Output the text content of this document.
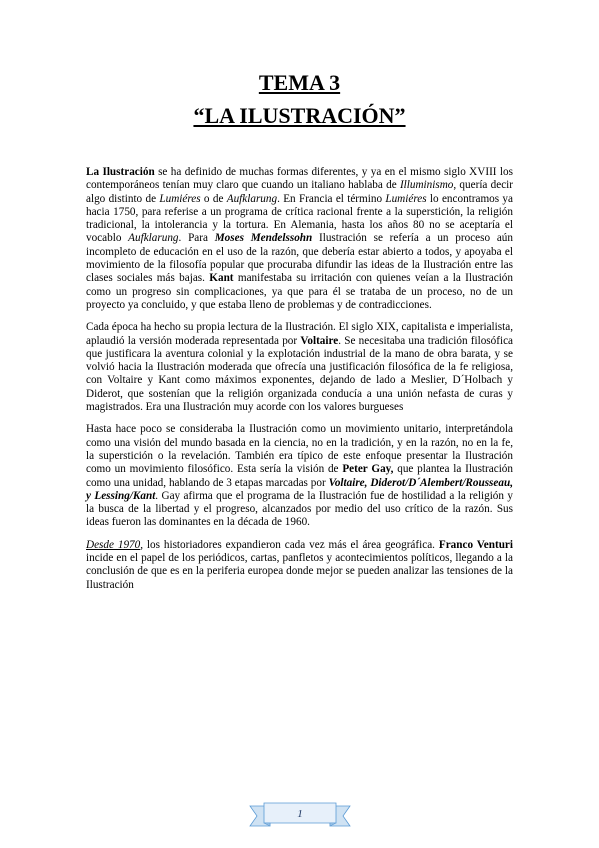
TEMA 3
“LA ILUSTRACIÓN”

La Ilustración se ha definido de muchas formas diferentes, y ya en el mismo siglo XVIII los contemporáneos tenían muy claro que cuando un italiano hablaba de Illuminismo, quería decir algo distinto de Lumiéres o de Aufklarung. En Francia el término Lumiéres lo encontramos ya hacia 1750, para referise a un programa de crítica racional frente a la superstición, la religión tradicional, la intolerancia y la tortura. En Alemania, hasta los años 80 no se aceptaría el vocablo Aufklarung. Para Moses Mendelssohn Ilustración se refería a un proceso aún incompleto de educación en el uso de la razón, que debería estar abierto a todos, y apoyaba el movimiento de la filosofía popular que procuraba difundir las ideas de la Ilustración entre las clases sociales más bajas. Kant manifestaba su irritación con quienes veían a la Ilustración como un progreso sin complicaciones, ya que para él se trataba de un proceso, no de un proyecto ya concluido, y que estaba lleno de problemas y de contradicciones.

Cada época ha hecho su propia lectura de la Ilustración. El siglo XIX, capitalista e imperialista, aplaudió la versión moderada representada por Voltaire. Se necesitaba una tradición filosófica que justificara la aventura colonial y la explotación industrial de la mano de obra barata, y se volvió hacia la Ilustración moderada que ofrecía una justificación filosófica de la fe religiosa, con Voltaire y Kant como máximos exponentes, dejando de lado a Meslier, D´Holbach y Diderot, que sostenían que la religión organizada conducía a una unión nefasta de curas y magistrados. Era una Ilustración muy acorde con los valores burgueses

Hasta hace poco se consideraba la Ilustración como un movimiento unitario, interpretándola como una visión del mundo basada en la ciencia, no en la tradición, y en la razón, no en la fe, la superstición o la revelación. También era típico de este enfoque presentar la Ilustración como un movimiento filosófico. Esta sería la visión de Peter Gay, que plantea la Ilustración como una unidad, hablando de 3 etapas marcadas por Voltaire, Diderot/D´Alembert/Rousseau, y Lessing/Kant. Gay afirma que el programa de la Ilustración fue de hostilidad a la religión y la busca de la libertad y el progreso, alcanzados por medio del uso crítico de la razón. Sus ideas fueron las dominantes en la década de 1960.

Desde 1970, los historiadores expandieron cada vez más el área geográfica. Franco Venturi incide en el papel de los periódicos, cartas, panfletos y acontecimientos políticos, llegando a la conclusión de que es en la periferia europea donde mejor se pueden analizar las tensiones de la Ilustración

1
